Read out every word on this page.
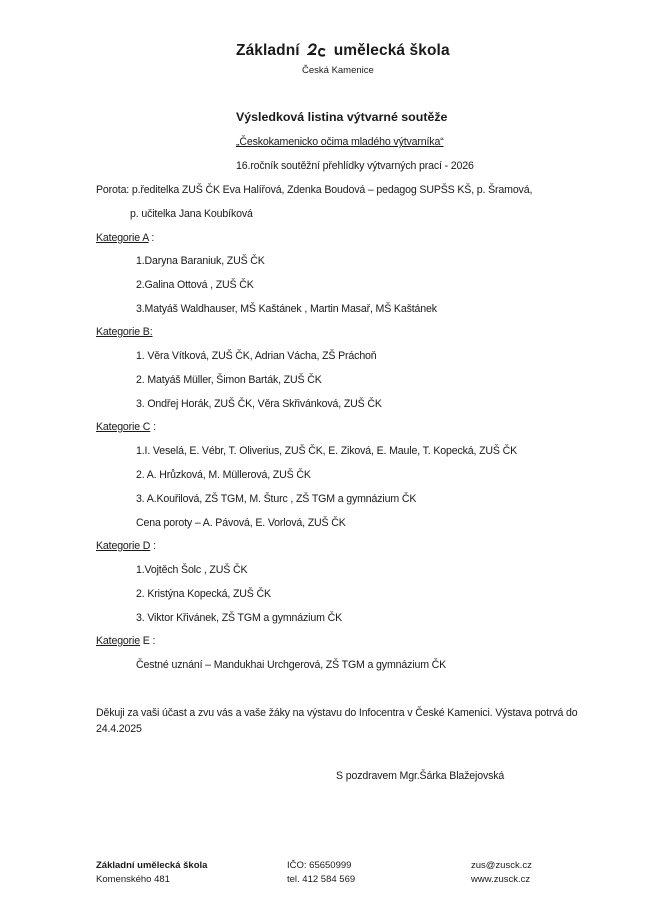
Základní umělecká škola
Česká Kamenice
Výsledková listina výtvarné soutěže
„Českokamenicko očima mladého výtvarníka“
16.ročník soutěžní přehlídky výtvarných prací - 2026
Porota: p.ředitelka ZUŠ ČK Eva Halířová, Zdenka Boudová – pedagog SUPŠS KŠ, p. Šramová,
p. učitelka Jana Koubíková
Kategorie A :
1.Daryna Baraniuk, ZUŠ ČK
2.Galina Ottová , ZUŠ ČK
3.Matyáš Waldhauser, MŠ Kaštánek , Martin Masař, MŠ Kaštánek
Kategorie B:
1. Věra Vítková, ZUŠ ČK, Adrian Vácha, ZŠ Práchoň
2. Matyáš Müller, Šimon Barták, ZUŠ ČK
3. Ondřej Horák, ZUŠ ČK, Věra Skřivánková, ZUŠ ČK
Kategorie C :
1.I. Veselá, E. Vébr, T. Oliverius, ZUŠ ČK, E. Ziková, E. Maule, T. Kopecká, ZUŠ ČK
2. A. Hrůzková, M. Müllerová, ZUŠ ČK
3. A.Kouřilová, ZŠ TGM, M. Šturc , ZŠ TGM a gymnázium ČK
Cena poroty – A. Pávová, E. Vorlová, ZUŠ ČK
Kategorie D :
1.Vojtěch Šolc , ZUŠ ČK
2. Kristýna Kopecká, ZUŠ ČK
3. Viktor Křivánek, ZŠ TGM a gymnázium ČK
Kategorie E :
Čestné uznání – Mandukhai Urchgerová, ZŠ TGM a gymnázium ČK
Děkuji za vaši účast a zvu vás a vaše žáky na výstavu do Infocentra v České Kamenici. Výstava potrvá do
24.4.2025
S pozdravem Mgr.Šárka Blažejovská
Základní umělecká škola
Komenského 481
IČO: 65650999
tel. 412 584 569
zus@zusck.cz
www.zusck.cz
